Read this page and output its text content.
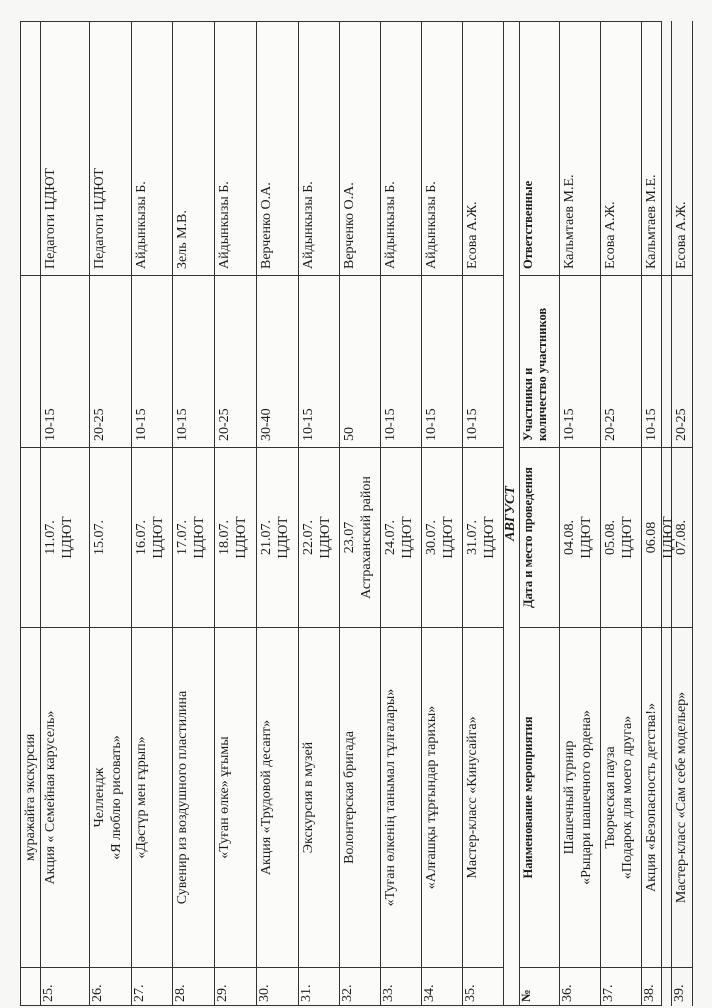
муражайға экскурсия
25.
Акция « Семейная карусель»
11.07. ЦДЮТ
10-15
Педагоги ЦДЮТ
26.
Челлендж «Я люблю рисовать»
15.07.
20-25
Педагоги ЦДЮТ
27.
«Дәстүр мен ғұрып»
16.07. ЦДЮТ
10-15
Айдынкызы Б.
28.
Сувенир из воздушного пластилина
17.07. ЦДЮТ
10-15
Зель М.В.
29.
«Туған өлке» ұғымы
18.07. ЦДЮТ
20-25
Айдынкызы Б.
30.
Акция «Трудовой десант»
21.07. ЦДЮТ
30-40
Верченко О.А.
31.
Экскурсия в музей
22.07. ЦДЮТ
10-15
Айдынкызы Б.
32.
Волонтерская бригада
23.07 Астраханский район
50
Верченко О.А.
33.
«Туған өлкенің танымал тұлғалары»
24.07. ЦДЮТ
10-15
Айдынкызы Б.
34.
«Алғашқы тұрғындар тарихы»
30.07. ЦДЮТ
10-15
Айдынкызы Б.
35.
Мастер-класс «Кинусайга»
31.07. ЦДЮТ
10-15
Есова А.Ж.
АВГУСТ
№
Наименование мероприятия
Дата и место проведения
Участники и количество участников
Ответственные
36.
Шашечный турнир «Рыцари шашечного ордена»
04.08. ЦДЮТ
10-15
Кальмтаев М.Е.
37.
Творческая пауза «Подарок для моего друга»
05.08. ЦДЮТ
20-25
Есова А.Ж.
38.
Акция «Безопасность детства!»
06.08 ЦДЮТ
10-15
Кальмтаев М.Е.
39.
Мастер-класс «Сам себе модельер»
07.08.
20-25
Есова А.Ж.
